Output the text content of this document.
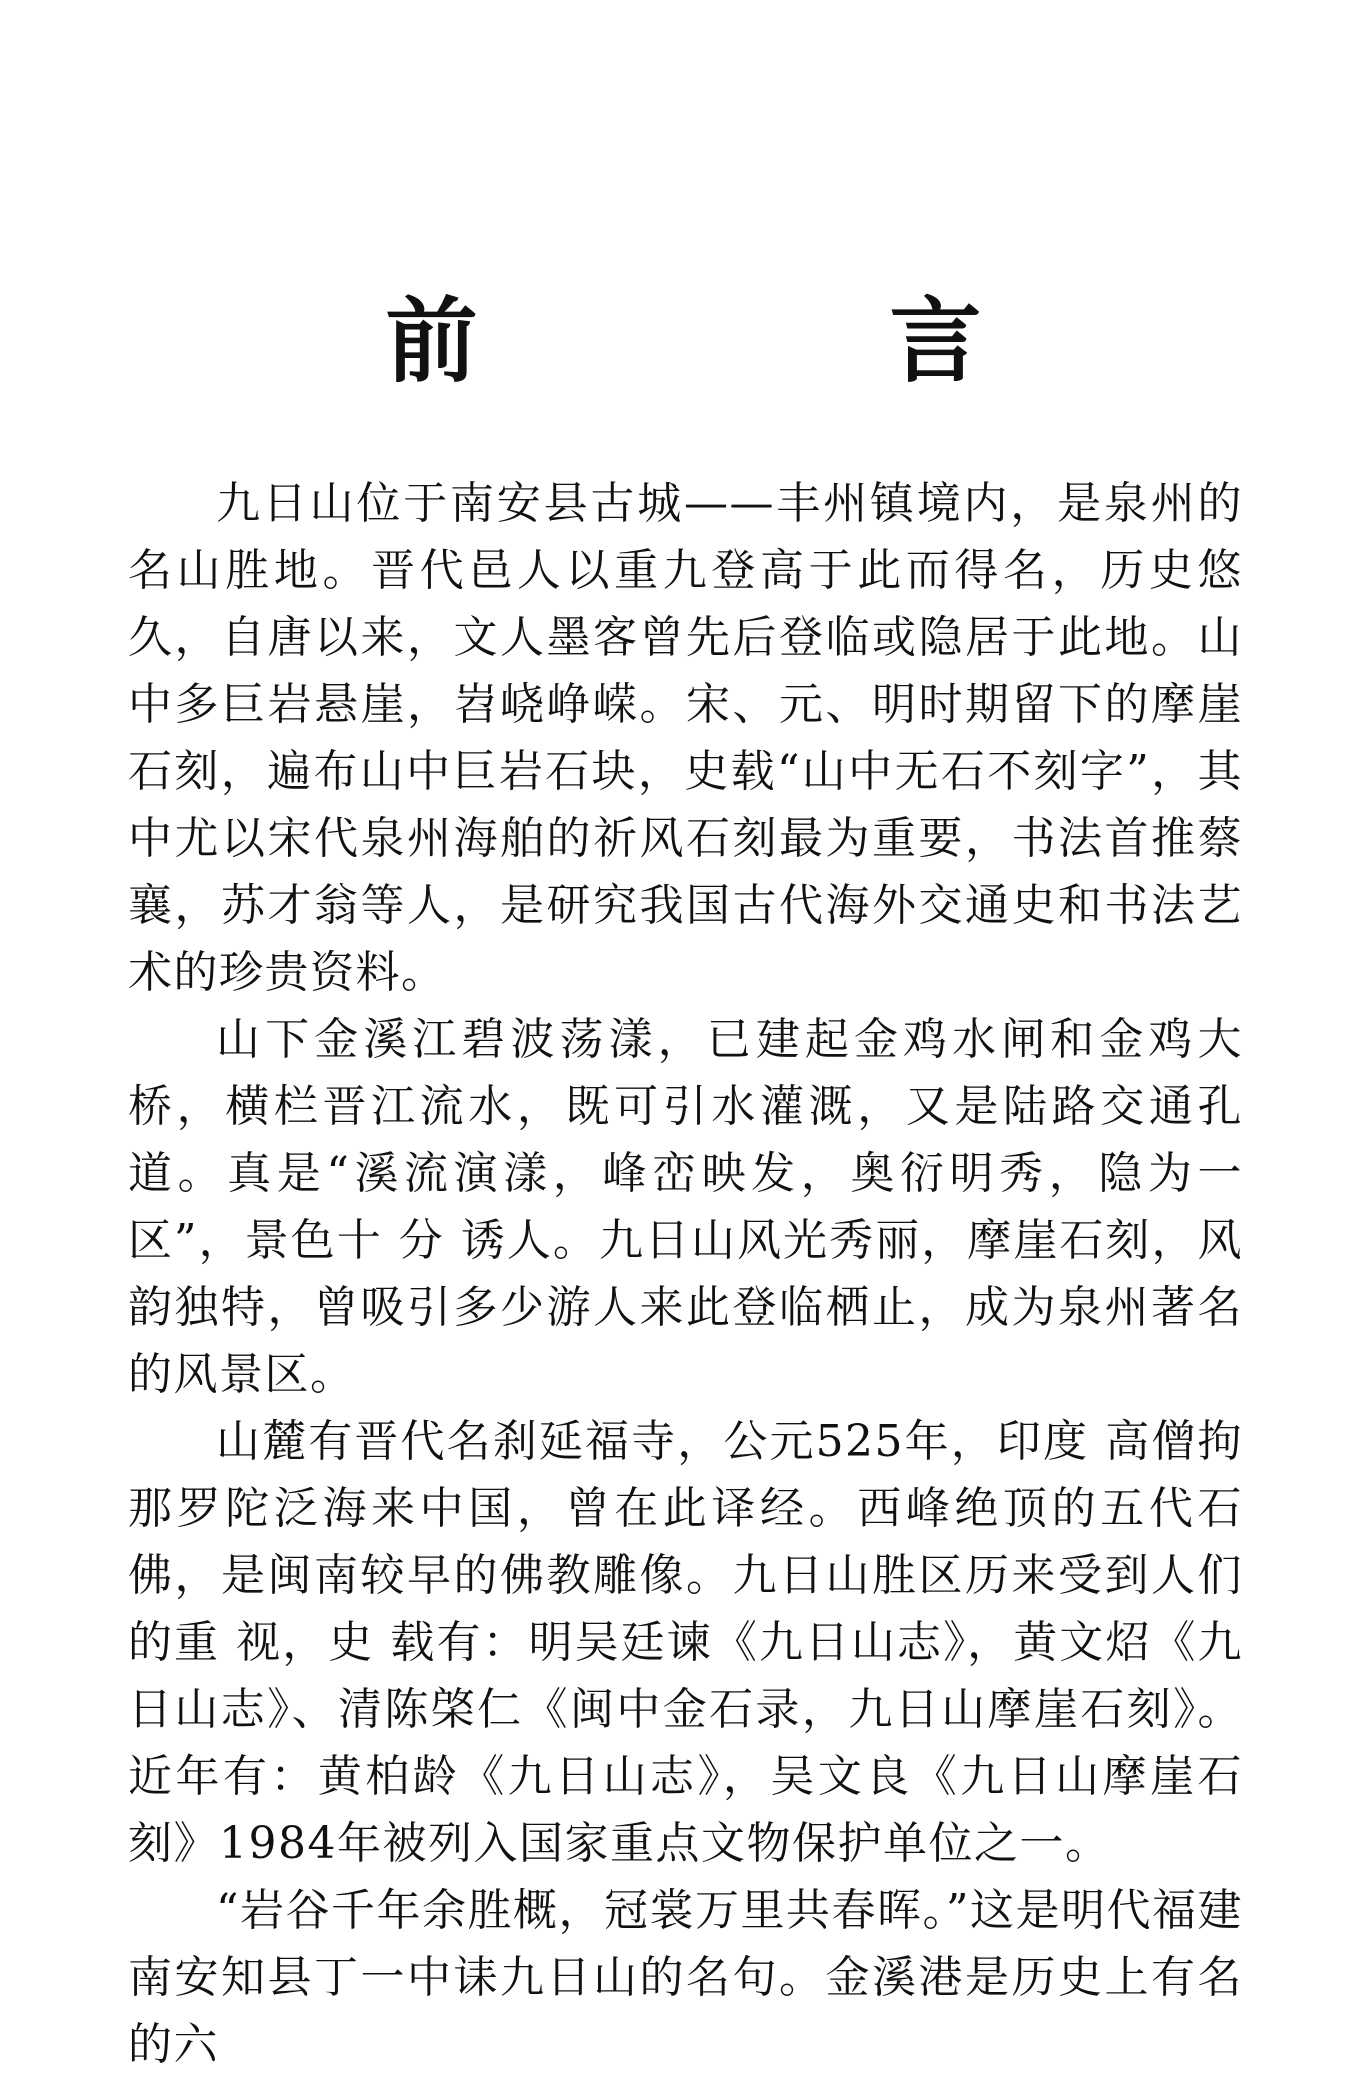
前 言

九日山位于南安县古城——丰州镇境内，是泉州的名山胜地。晋代邑人以重九登高于此而得名，历史悠久，自唐以来，文人墨客曾先后登临或隐居于此地。山中多巨岩悬崖，岧峣峥嵘。宋、元、明时期留下的摩崖石刻，遍布山中巨岩石块，史载“山中无石不刻字”，其中尤以宋代泉州海舶的祈风石刻最为重要，书法首推蔡襄，苏才翁等人，是研究我国古代海外交通史和书法艺术的珍贵资料。

山下金溪江碧波荡漾，已建起金鸡水闸和金鸡大桥，横栏晋江流水，既可引水灌溉，又是陆路交通孔道。真是“溪流演漾，峰峦映发，奥衍明秀，隐为一区”，景色十 分 诱人。九日山风光秀丽，摩崖石刻，风韵独特，曾吸引多少游人来此登临栖止，成为泉州著名的风景区。

山麓有晋代名刹延福寺，公元525年，印度 高僧拘那罗陀泛海来中国，曾在此译经。西峰绝顶的五代石佛，是闽南较早的佛教雕像。九日山胜区历来受到人们的重 视，史 载有：明吴廷谏《九日山志》，黄文炤《九日山志》、清陈棨仁《闽中金石录，九日山摩崖石刻》。近年有：黄柏龄《九日山志》，吴文良《九日山摩崖石刻》1984年被列入国家重点文物保护单位之一。

“岩谷千年余胜概，冠裳万里共春晖。”这是明代福建南安知县丁一中诔九日山的名句。金溪港是历史上有名的六
